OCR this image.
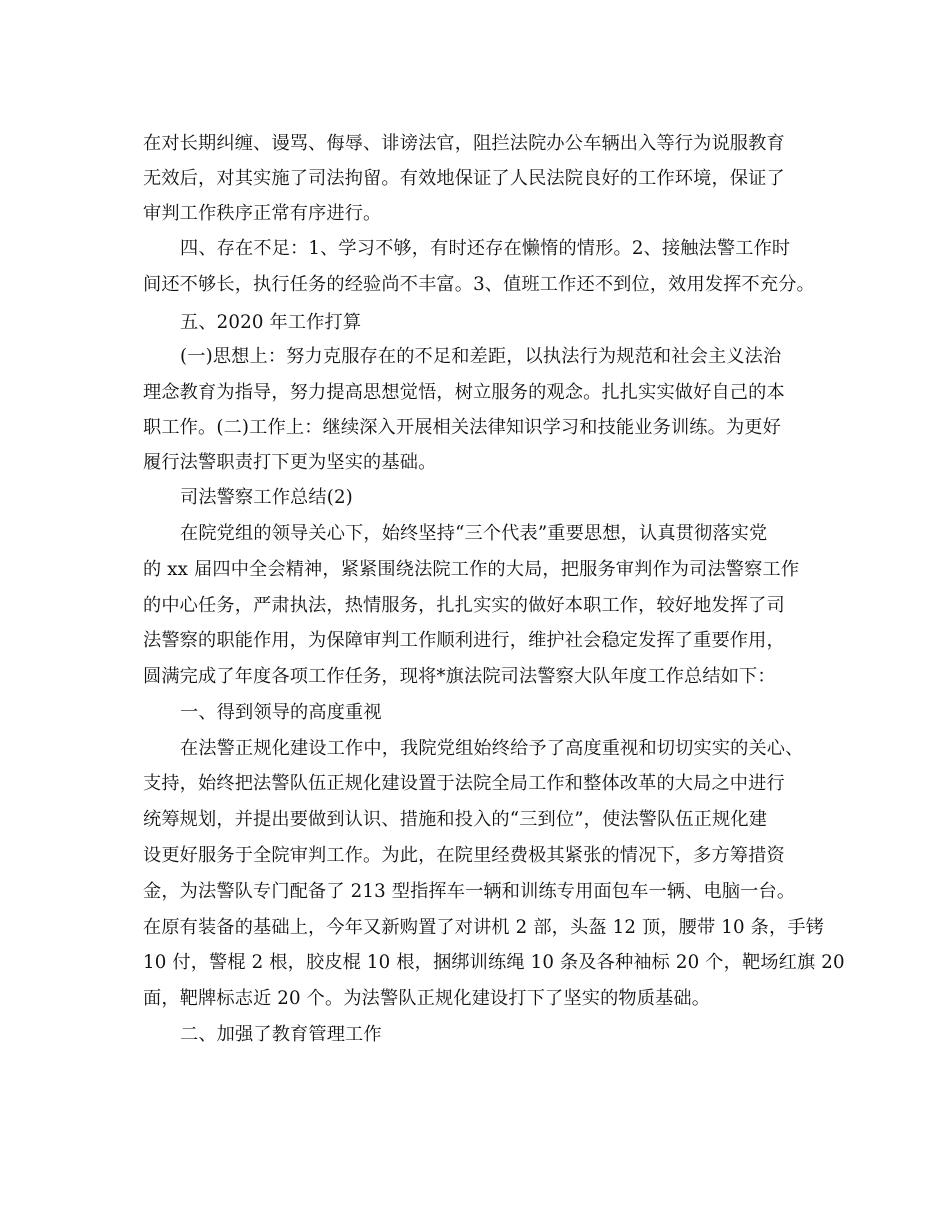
在对长期纠缠、谩骂、侮辱、诽谤法官，阻拦法院办公车辆出入等行为说服教育
无效后，对其实施了司法拘留。有效地保证了人民法院良好的工作环境，保证了
审判工作秩序正常有序进行。
四、存在不足：1、学习不够，有时还存在懒惰的情形。2、接触法警工作时
间还不够长，执行任务的经验尚不丰富。3、值班工作还不到位，效用发挥不充分。
五、2020 年工作打算
(一)思想上：努力克服存在的不足和差距，以执法行为规范和社会主义法治
理念教育为指导，努力提高思想觉悟，树立服务的观念。扎扎实实做好自己的本
职工作。(二)工作上：继续深入开展相关法律知识学习和技能业务训练。为更好
履行法警职责打下更为坚实的基础。
司法警察工作总结(2)
在院党组的领导关心下，始终坚持“三个代表”重要思想，认真贯彻落实党
的 xx 届四中全会精神，紧紧围绕法院工作的大局，把服务审判作为司法警察工作
的中心任务，严肃执法，热情服务，扎扎实实的做好本职工作，较好地发挥了司
法警察的职能作用，为保障审判工作顺利进行，维护社会稳定发挥了重要作用，
圆满完成了年度各项工作任务，现将*旗法院司法警察大队年度工作总结如下：
一、得到领导的高度重视
在法警正规化建设工作中，我院党组始终给予了高度重视和切切实实的关心、
支持，始终把法警队伍正规化建设置于法院全局工作和整体改革的大局之中进行
统筹规划，并提出要做到认识、措施和投入的“三到位”，使法警队伍正规化建
设更好服务于全院审判工作。为此，在院里经费极其紧张的情况下，多方筹措资
金，为法警队专门配备了 213 型指挥车一辆和训练专用面包车一辆、电脑一台。
在原有装备的基础上，今年又新购置了对讲机 2 部，头盔 12 顶，腰带 10 条，手铐
10 付，警棍 2 根，胶皮棍 10 根，捆绑训练绳 10 条及各种袖标 20 个，靶场红旗 20
面，靶牌标志近 20 个。为法警队正规化建设打下了坚实的物质基础。
二、加强了教育管理工作
